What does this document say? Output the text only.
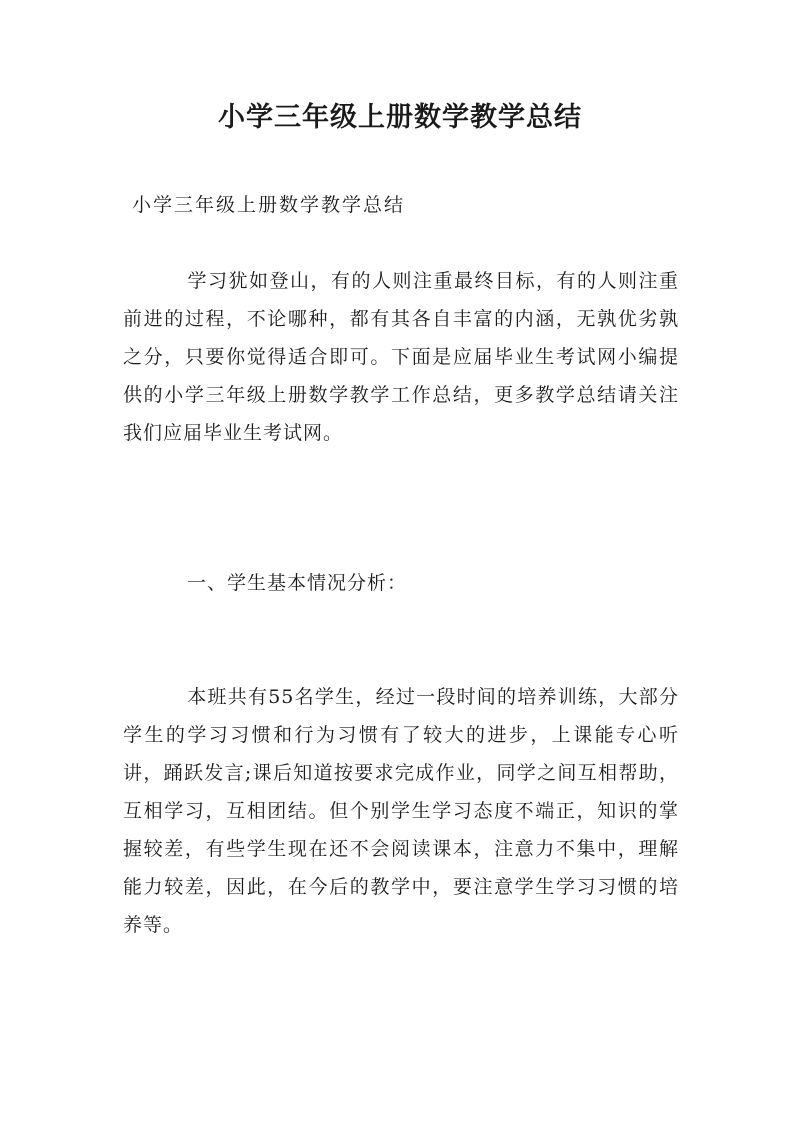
小学三年级上册数学教学总结

小学三年级上册数学教学总结

学习犹如登山，有的人则注重最终目标，有的人则注重前进的过程，不论哪种，都有其各自丰富的内涵，无孰优劣孰之分，只要你觉得适合即可。下面是应届毕业生考试网小编提供的小学三年级上册数学教学工作总结，更多教学总结请关注我们应届毕业生考试网。

一、学生基本情况分析：

本班共有55名学生，经过一段时间的培养训练，大部分学生的学习习惯和行为习惯有了较大的进步，上课能专心听讲，踊跃发言;课后知道按要求完成作业，同学之间互相帮助，互相学习，互相团结。但个别学生学习态度不端正，知识的掌握较差，有些学生现在还不会阅读课本，注意力不集中，理解能力较差，因此，在今后的教学中，要注意学生学习习惯的培养等。
